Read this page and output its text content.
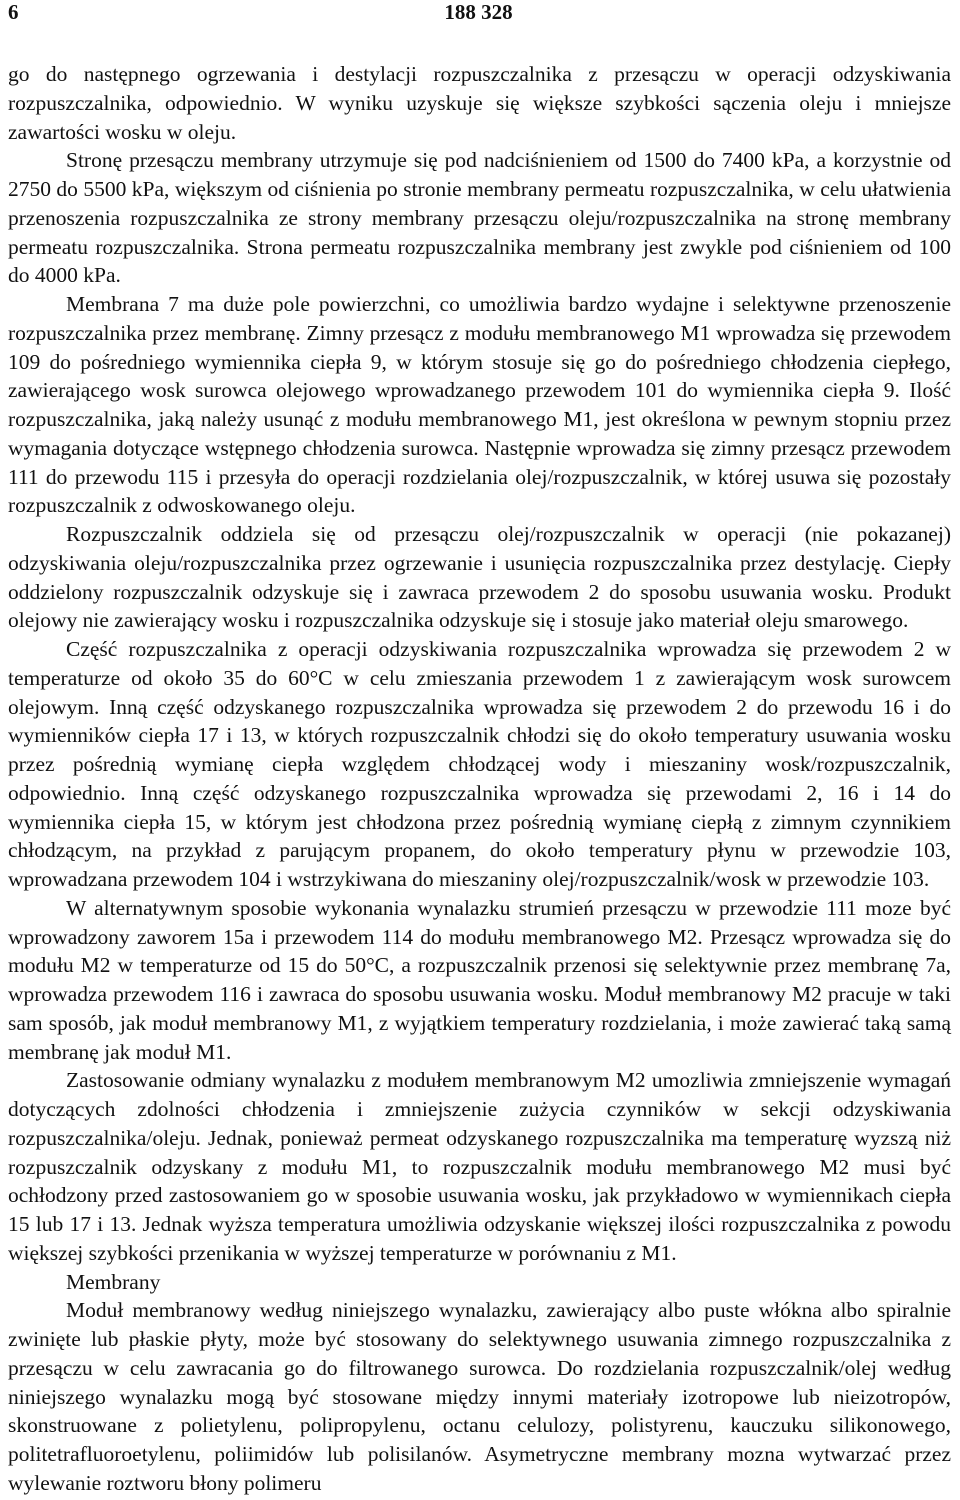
6	188 328

go do następnego ogrzewania i destylacji rozpuszczalnika z przesączu w operacji odzyskiwania rozpuszczalnika, odpowiednio. W wyniku uzyskuje się większe szybkości sączenia oleju i mniejsze zawartości wosku w oleju.

Stronę przesączu membrany utrzymuje się pod nadciśnieniem od 1500 do 7400 kPa, a korzystnie od 2750 do 5500 kPa, większym od ciśnienia po stronie membrany permeatu rozpuszczalnika, w celu ułatwienia przenoszenia rozpuszczalnika ze strony membrany przesączu oleju/rozpuszczalnika na stronę membrany permeatu rozpuszczalnika. Strona permeatu rozpuszczalnika membrany jest zwykle pod ciśnieniem od 100 do 4000 kPa.

Membrana 7 ma duże pole powierzchni, co umożliwia bardzo wydajne i selektywne przenoszenie rozpuszczalnika przez membranę. Zimny przesącz z modułu membranowego M1 wprowadza się przewodem 109 do pośredniego wymiennika ciepła 9, w którym stosuje się go do pośredniego chłodzenia ciepłego, zawierającego wosk surowca olejowego wprowadzanego przewodem 101 do wymiennika ciepła 9. Ilość rozpuszczalnika, jaką należy usunąć z modułu membranowego M1, jest określona w pewnym stopniu przez wymagania dotyczące wstępnego chłodzenia surowca. Następnie wprowadza się zimny przesącz przewodem 111 do przewodu 115 i przesyła do operacji rozdzielania olej/rozpuszczalnik, w której usuwa się pozostały rozpuszczalnik z odwoskowanego oleju.

Rozpuszczalnik oddziela się od przesączu olej/rozpuszczalnik w operacji (nie pokazanej) odzyskiwania oleju/rozpuszczalnika przez ogrzewanie i usunięcia rozpuszczalnika przez destylację. Ciepły oddzielony rozpuszczalnik odzyskuje się i zawraca przewodem 2 do sposobu usuwania wosku. Produkt olejowy nie zawierający wosku i rozpuszczalnika odzyskuje się i stosuje jako materiał oleju smarowego.

Część rozpuszczalnika z operacji odzyskiwania rozpuszczalnika wprowadza się przewodem 2 w temperaturze od około 35 do 60°C w celu zmieszania przewodem 1 z zawierającym wosk surowcem olejowym. Inną część odzyskanego rozpuszczalnika wprowadza się przewodem 2 do przewodu 16 i do wymienników ciepła 17 i 13, w których rozpuszczalnik chłodzi się do około temperatury usuwania wosku przez pośrednią wymianę ciepła względem chłodzącej wody i mieszaniny wosk/rozpuszczalnik, odpowiednio. Inną część odzyskanego rozpuszczalnika wprowadza się przewodami 2, 16 i 14 do wymiennika ciepła 15, w którym jest chłodzona przez pośrednią wymianę ciepłą z zimnym czynnikiem chłodzącym, na przykład z parującym propanem, do około temperatury płynu w przewodzie 103, wprowadzana przewodem 104 i wstrzykiwana do mieszaniny olej/rozpuszczalnik/wosk w przewodzie 103.

W alternatywnym sposobie wykonania wynalazku strumień przesączu w przewodzie 111 moze być wprowadzony zaworem 15a i przewodem 114 do modułu membranowego M2. Przesącz wprowadza się do modułu M2 w temperaturze od 15 do 50°C, a rozpuszczalnik przenosi się selektywnie przez membranę 7a, wprowadza przewodem 116 i zawraca do sposobu usuwania wosku. Moduł membranowy M2 pracuje w taki sam sposób, jak moduł membranowy M1, z wyjątkiem temperatury rozdzielania, i może zawierać taką samą membranę jak moduł M1.

Zastosowanie odmiany wynalazku z modułem membranowym M2 umozliwia zmniejszenie wymagań dotyczących zdolności chłodzenia i zmniejszenie zużycia czynników w sekcji odzyskiwania rozpuszczalnika/oleju. Jednak, ponieważ permeat odzyskanego rozpuszczalnika ma temperaturę wyzszą niż rozpuszczalnik odzyskany z modułu M1, to rozpuszczalnik modułu membranowego M2 musi być ochłodzony przed zastosowaniem go w sposobie usuwania wosku, jak przykładowo w wymiennikach ciepła 15 lub 17 i 13. Jednak wyższa temperatura umożliwia odzyskanie większej ilości rozpuszczalnika z powodu większej szybkości przenikania w wyższej temperaturze w porównaniu z M1.

Membrany

Moduł membranowy według niniejszego wynalazku, zawierający albo puste włókna albo spiralnie zwinięte lub płaskie płyty, może być stosowany do selektywnego usuwania zimnego rozpuszczalnika z przesączu w celu zawracania go do filtrowanego surowca. Do rozdzielania rozpuszczalnik/olej według niniejszego wynalazku mogą być stosowane między innymi materiały izotropowe lub nieizotropów, skonstruowane z polietylenu, polipropylenu, octanu celulozy, polistyrenu, kauczuku silikonowego, politetrafluoroetylenu, poliimidów lub polisilanów. Asymetryczne membrany mozna wytwarzać przez wylewanie roztworu błony polimeru
